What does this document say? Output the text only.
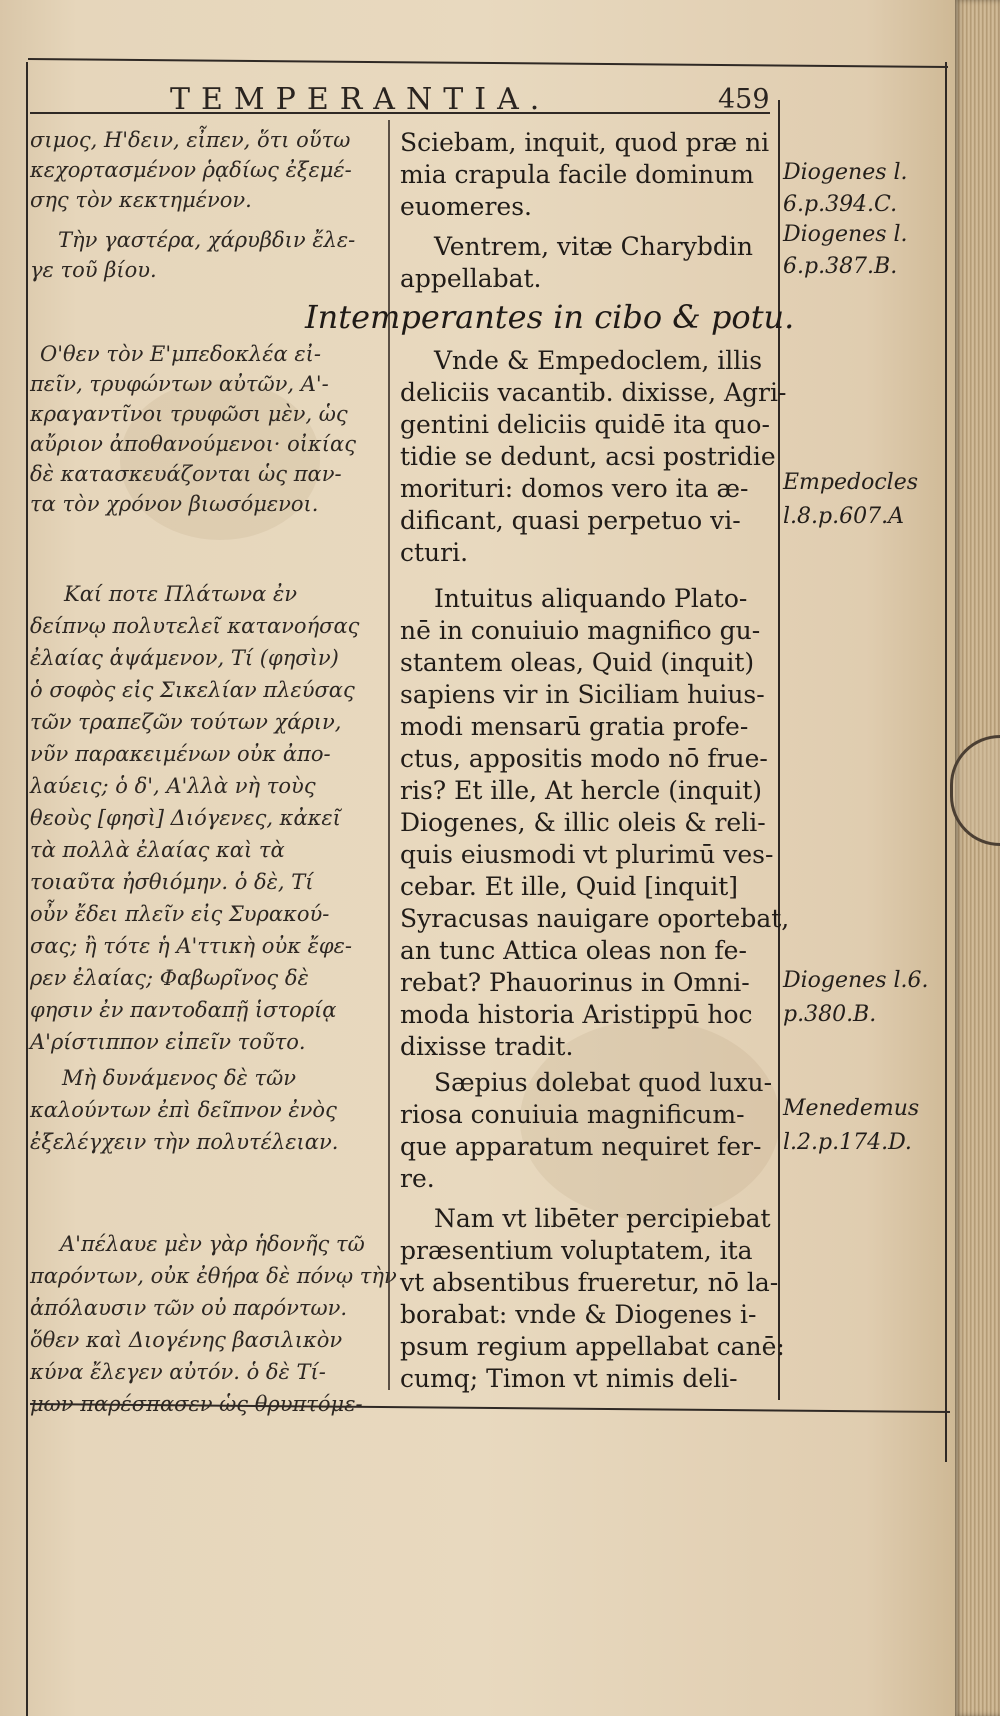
TEMPERANTIA.	459
Intemperantes in cibo & potu.
σιμος, Η'δειν, εἶπεν, ὅτι οὕτω
κεχορτασμένον ῥᾳδίως ἐξεμέ-
σης τὸν κεκτημένον.
Τὴν γαστέρα, χάρυβδιν ἔλε-
γε τοῦ βίου.
Ο'θεν τὸν Ε'μπεδοκλέα εἰ-
πεῖν, τρυφώντων αὐτῶν, Α'-
κραγαντῖνοι τρυφῶσι μὲν, ὡς
αὔριον ἀποθανούμενοι· οἰκίας
δὲ κατασκευάζονται ὡς παν-
τα τὸν χρόνον βιωσόμενοι.
Καί ποτε Πλάτωνα ἐν
δείπνῳ πολυτελεῖ κατανοήσας
ἐλαίας ἁψάμενον, Τί (φησὶν)
ὁ σοφὸς εἰς Σικελίαν πλεύσας
τῶν τραπεζῶν τούτων χάριν,
νῦν παρακειμένων οὐκ ἀπο-
λαύεις; ὁ δ', Α'λλὰ νὴ τοὺς
θεοὺς [φησὶ] Διόγενες, κἀκεῖ
τὰ πολλὰ ἐλαίας καὶ τὰ
τοιαῦτα ἠσθιόμην. ὁ δὲ, Τί
οὖν ἔδει πλεῖν εἰς Συρακού-
σας; ἢ τότε ἡ Α'ττικὴ οὐκ ἔφε-
ρεν ἐλαίας; Φαβωρῖνος δὲ
φησιν ἐν παντοδαπῇ ἱστορίᾳ
Α'ρίστιππον εἰπεῖν τοῦτο.
Μὴ δυνάμενος δὲ τῶν
καλούντων ἐπὶ δεῖπνον ἐνὸς
ἐξελέγχειν τὴν πολυτέλειαν.
Α'πέλαυε μὲν γὰρ ἡδονῆς τῶ
παρόντων, οὐκ ἐθήρα δὲ πόνῳ τὴν
ἀπόλαυσιν τῶν οὐ παρόντων.
ὅθεν καὶ Διογένης βασιλικὸν
κύνα ἔλεγεν αὐτόν. ὁ δὲ Τί-
μων παρέσπασεν ὡς θρυπτόμε-
Sciebam, inquit, quod præ ni
mia crapula facile dominum
euomeres.
Ventrem, vitæ Charybdin
appellabat.
Vnde & Empedoclem, illis
deliciis vacantib. dixisse, Agri-
gentini deliciis quidē ita quo-
tidie se dedunt, acsi postridie
morituri: domos vero ita æ-
dificant, quasi perpetuo vi-
cturi.
Intuitus aliquando Plato-
nē in conuiuio magnifico gu-
stantem oleas, Quid (inquit)
sapiens vir in Siciliam huius-
modi mensarū gratia profe-
ctus, appositis modo nō frue-
ris? Et ille, At hercle (inquit)
Diogenes, & illic oleis & reli-
quis eiusmodi vt plurimū ves-
cebar. Et ille, Quid [inquit]
Syracusas nauigare oportebat,
an tunc Attica oleas non fe-
rebat? Phauorinus in Omni-
moda historia Aristippū hoc
dixisse tradit.
Sæpius dolebat quod luxu-
riosa conuiuia magnificum-
que apparatum nequiret fer-
re.
Nam vt libēter percipiebat
præsentium voluptatem, ita
vt absentibus frueretur, nō la-
borabat: vnde & Diogenes i-
psum regium appellabat canē:
cumq; Timon vt nimis deli-
Diogenes l.
6.p.394.C.
Diogenes l.
6.p.387.B.
Empedocles
l.8.p.607.A
Diogenes l.6.
p.380.B.
Menedemus
l.2.p.174.D.
